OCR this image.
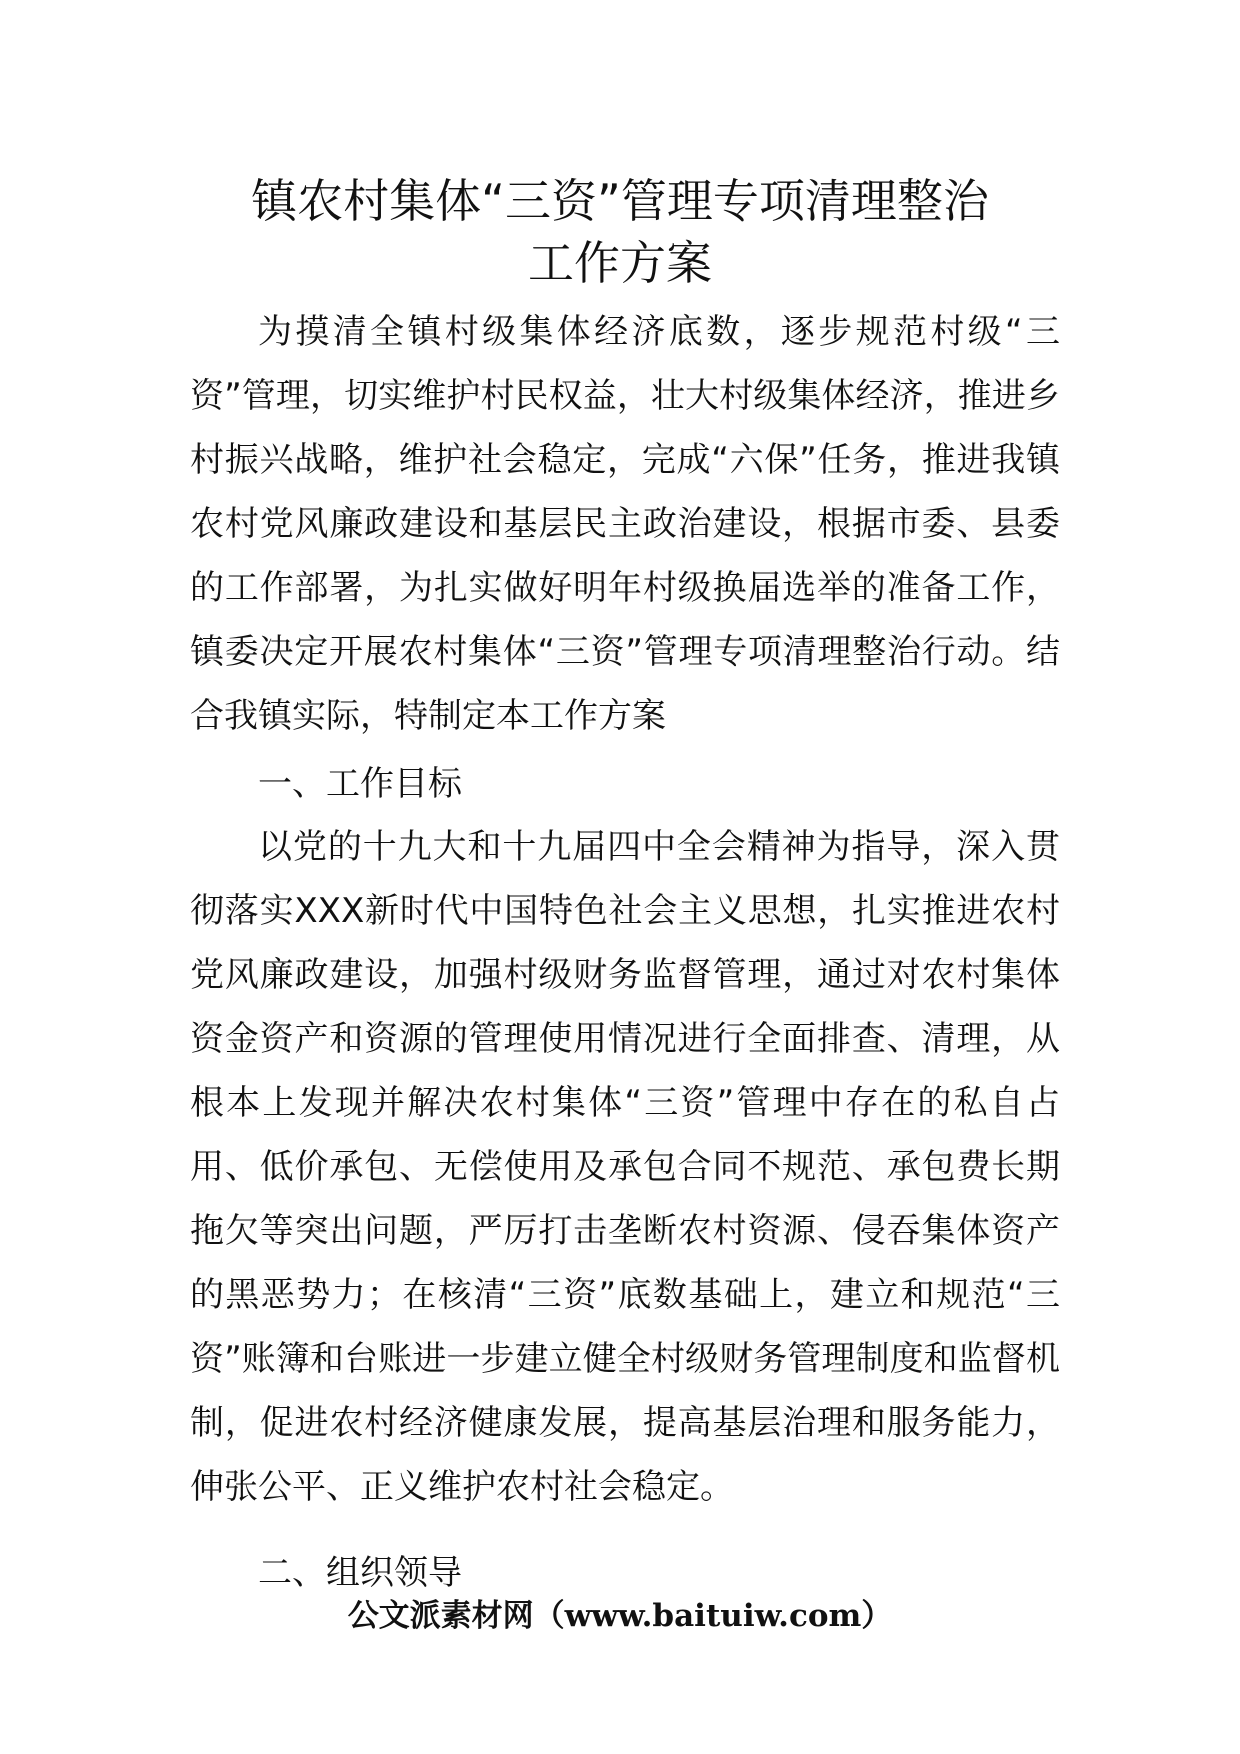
镇农村集体“三资”管理专项清理整治
工作方案

为摸清全镇村级集体经济底数，逐步规范村级“三资”管理，切实维护村民权益，壮大村级集体经济，推进乡村振兴战略，维护社会稳定，完成“六保”任务，推进我镇农村党风廉政建设和基层民主政治建设，根据市委、县委的工作部署，为扎实做好明年村级换届选举的准备工作，镇委决定开展农村集体“三资”管理专项清理整治行动。结合我镇实际，特制定本工作方案

一、工作目标

以党的十九大和十九届四中全会精神为指导，深入贯彻落实XXX新时代中国特色社会主义思想，扎实推进农村党风廉政建设，加强村级财务监督管理，通过对农村集体资金资产和资源的管理使用情况进行全面排查、清理，从根本上发现并解决农村集体“三资”管理中存在的私自占用、低价承包、无偿使用及承包合同不规范、承包费长期拖欠等突出问题，严厉打击垄断农村资源、侵吞集体资产的黑恶势力；在核清“三资”底数基础上，建立和规范“三资”账簿和台账进一步建立健全村级财务管理制度和监督机制，促进农村经济健康发展，提高基层治理和服务能力，伸张公平、正义维护农村社会稳定。

二、组织领导
公文派素材网（www.baituiw.com）
